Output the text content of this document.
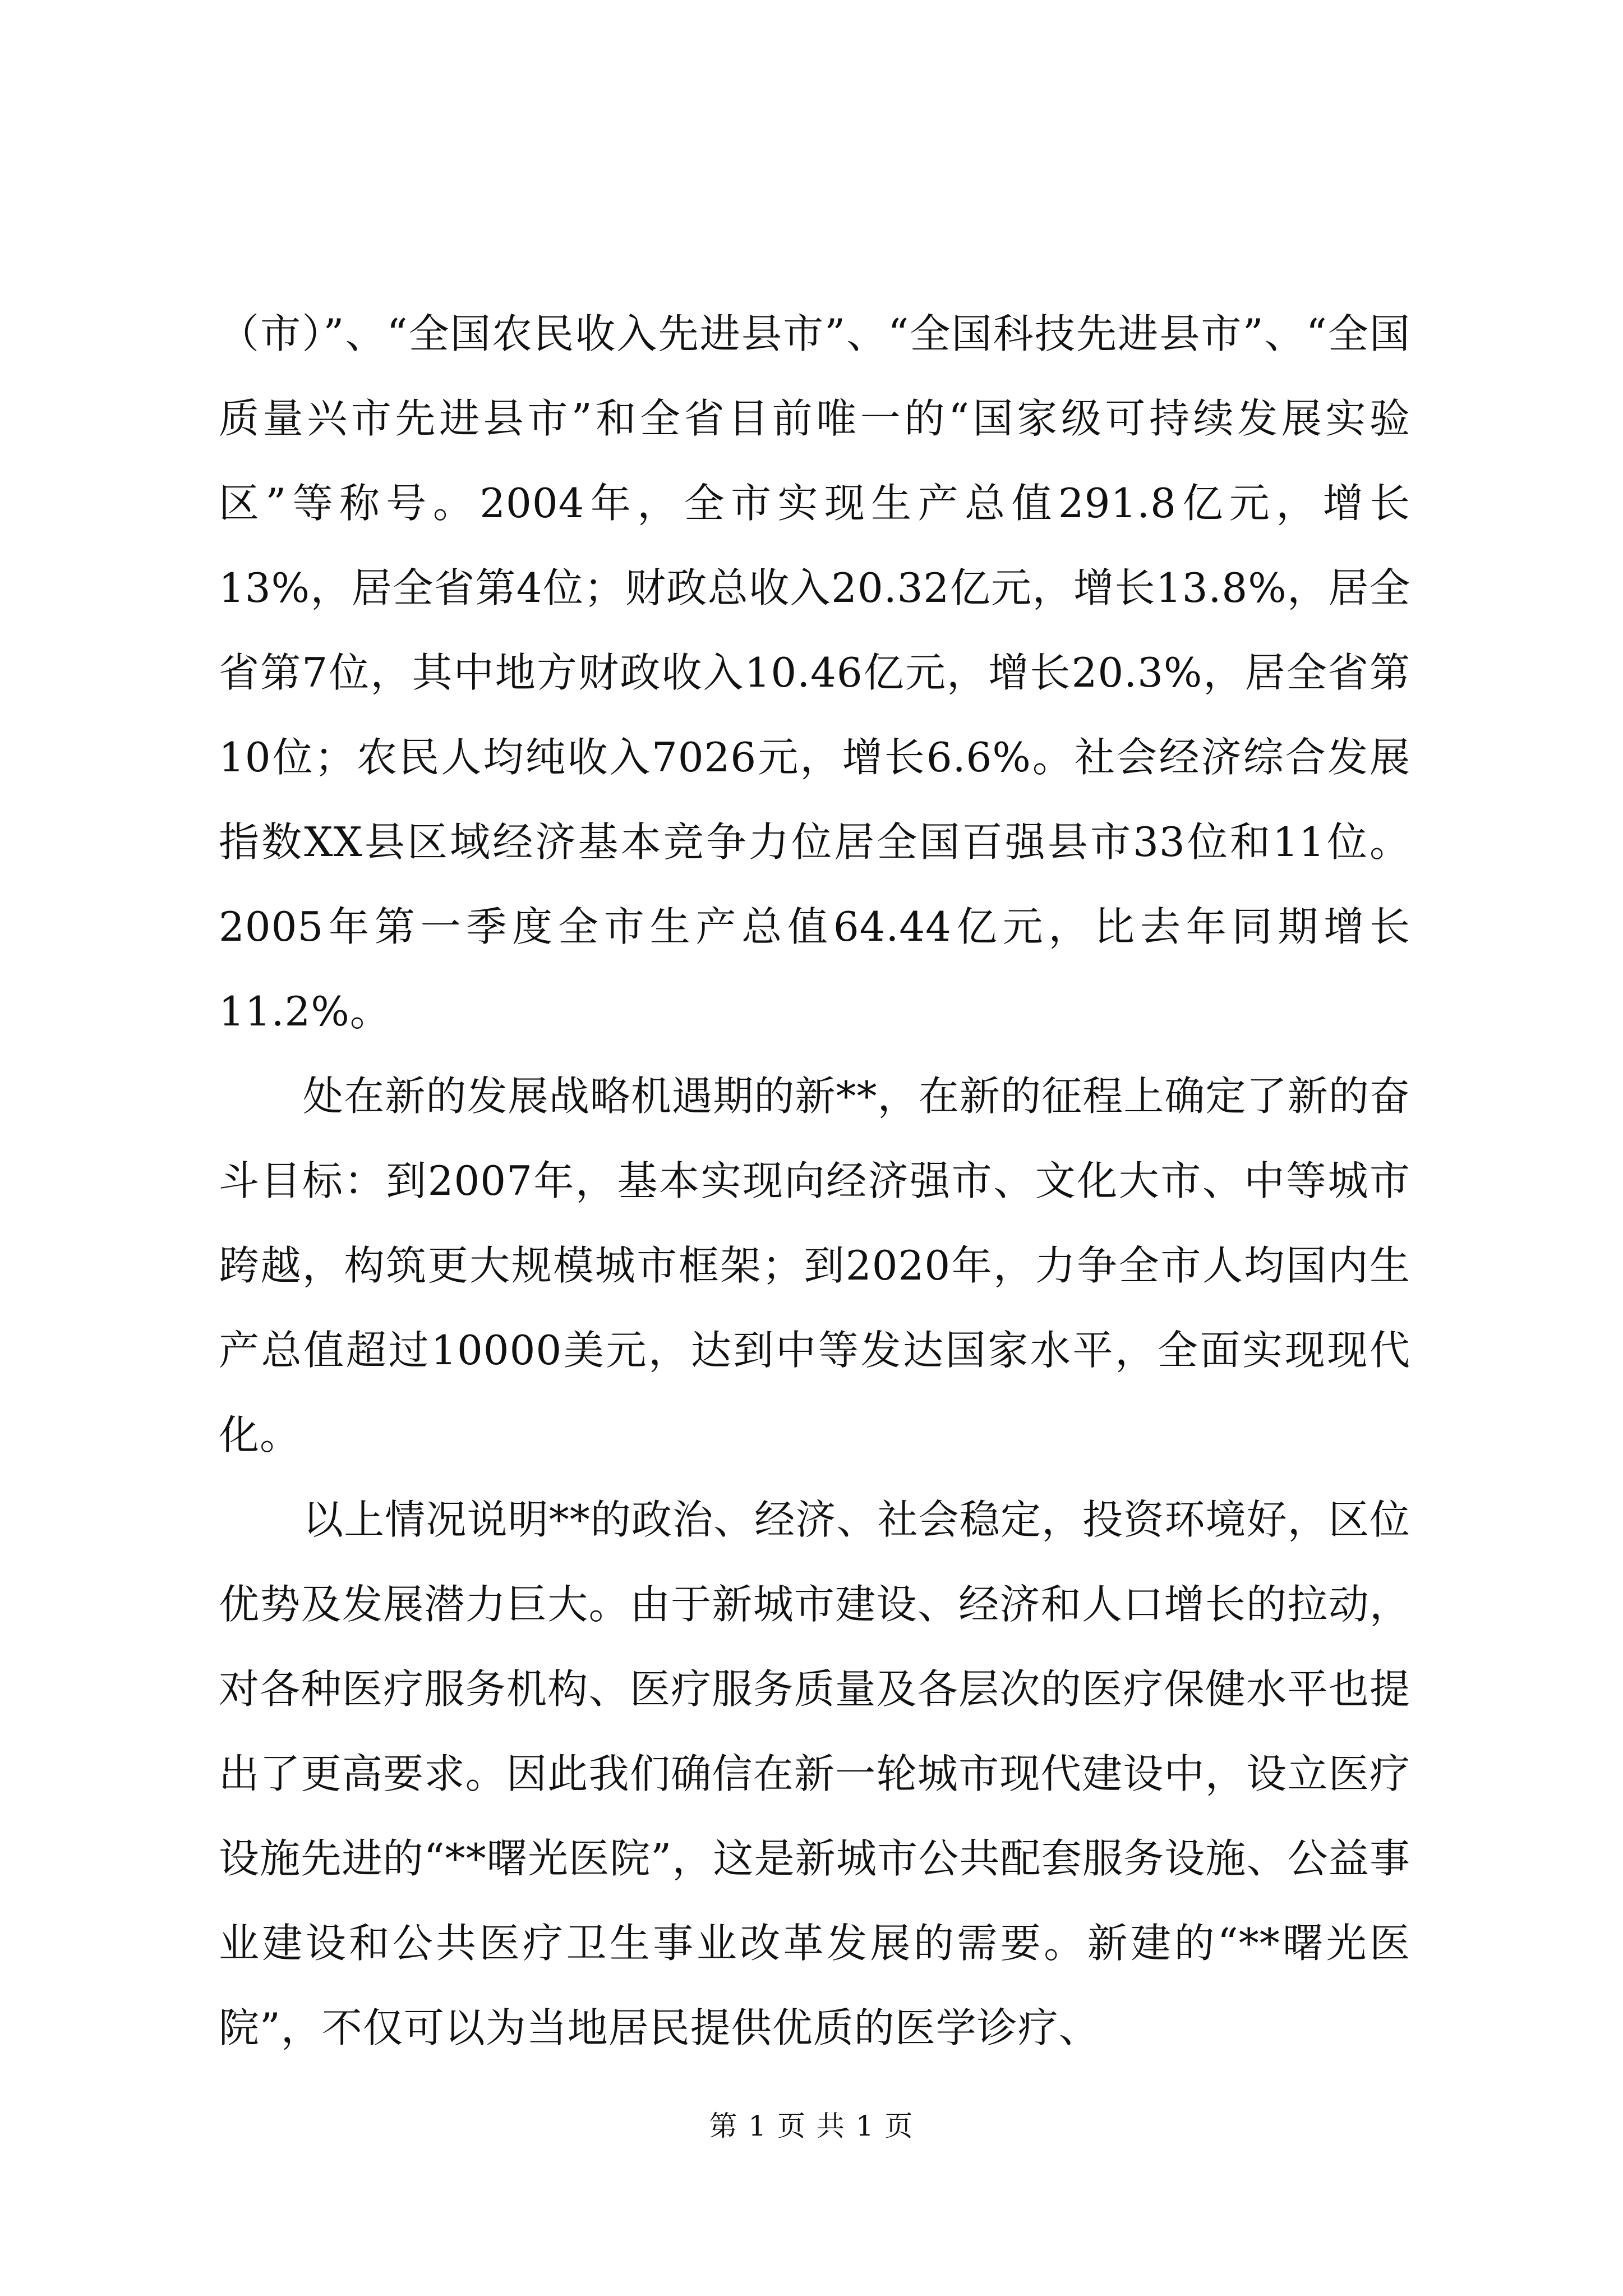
（市）”、“全国农民收入先进县市”、“全国科技先进县市”、“全国质量兴市先进县市”和全省目前唯一的“国家级可持续发展实验区”等称号。2004年，全市实现生产总值291.8亿元，增长13%，居全省第4位；财政总收入20.32亿元，增长13.8%，居全省第7位，其中地方财政收入10.46亿元，增长20.3%，居全省第10位；农民人均纯收入7026元，增长6.6%。社会经济综合发展指数XX县区域经济基本竞争力位居全国百强县市33位和11位。2005年第一季度全市生产总值64.44亿元，比去年同期增长11.2%。

处在新的发展战略机遇期的新**，在新的征程上确定了新的奋斗目标：到2007年，基本实现向经济强市、文化大市、中等城市跨越，构筑更大规模城市框架；到2020年，力争全市人均国内生产总值超过10000美元，达到中等发达国家水平，全面实现现代化。

以上情况说明**的政治、经济、社会稳定，投资环境好，区位优势及发展潜力巨大。由于新城市建设、经济和人口增长的拉动，对各种医疗服务机构、医疗服务质量及各层次的医疗保健水平也提出了更高要求。因此我们确信在新一轮城市现代建设中，设立医疗设施先进的“**曙光医院”，这是新城市公共配套服务设施、公益事业建设和公共医疗卫生事业改革发展的需要。新建的“**曙光医院”，不仅可以为当地居民提供优质的医学诊疗、

第 1 页 共 1 页
